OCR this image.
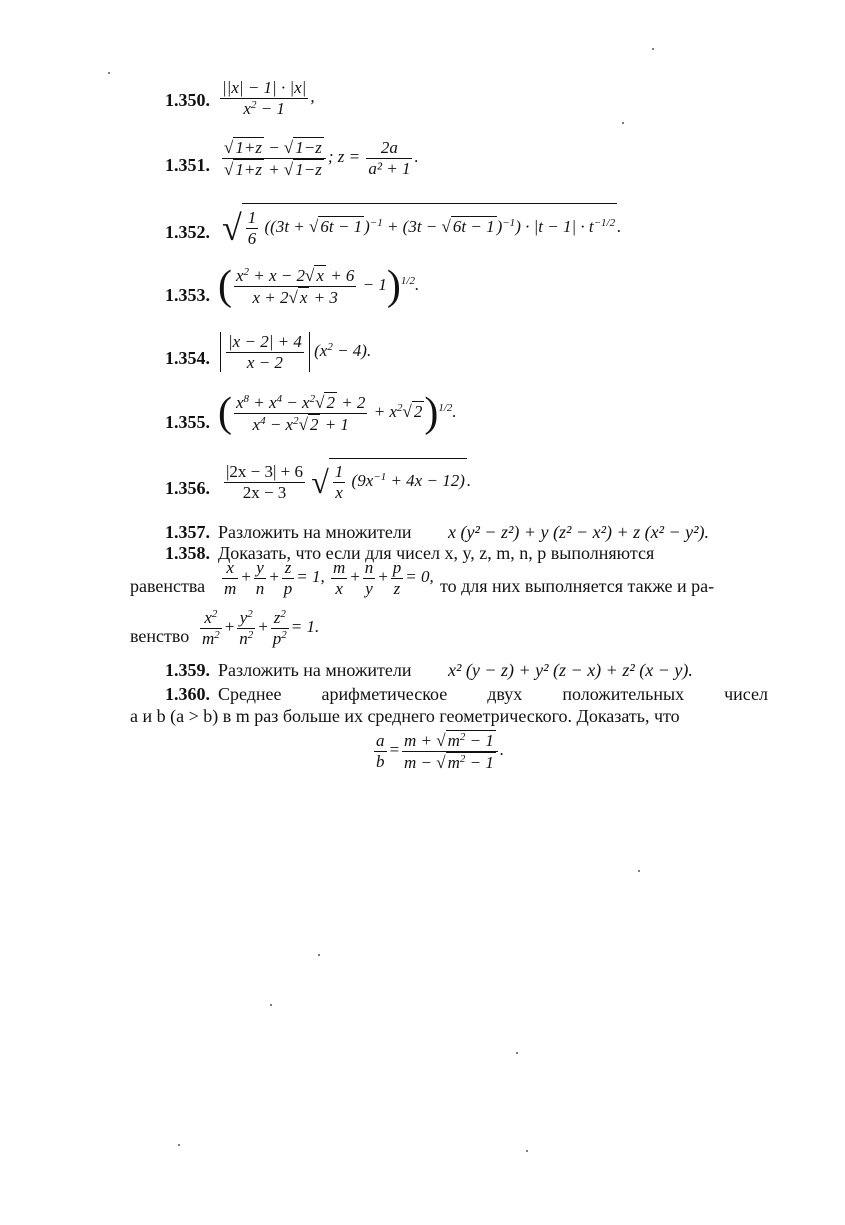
1.350. $\frac{||x| - 1| \cdot |x|}{x^2 - 1}$ ,
1.351.
√ 1+z − √ 1−z
√ 1+z + √ 1−z ; $z = \frac{2a}{\text{a² + 1}}$ .
1.352.
√ $\frac{1}{6} ((3t$ + √ 6t − 1 )$^{-1}$ + (3t − √ 6t − 1 )$^{-1}) \cdot |t - 1| \cdot t^{-1/2}$ .
1.353. ( $\frac{x^2 + x - 2√ x + 6}{x + 2√ x + 3} - 1)^{1/2}$.
1.354. $\frac{|x - 2| + 4}{x - 2} (x^2 - 4)$.
1.355. ( $\frac{x^8 + x^4 - x^2√ 2 + 2}{x^4 - x^2√ 2 + 1} + x^2√$ 2)$^{1/2}$.
1.356. $\frac{|2x - 3| + 6}{2x - 3}$
√ $\frac{1}{x} (9x^{-1} + 4x - 12)$ .
1.357. Разложить на множители x (y² − z²) + y (z² − x²) + z (x² − y²).
1.358. Доказать, что если для чисел x, y, z, m, n, p выполняются
равенства $\frac{x}{m} + \frac{y}{n} + \frac{z}{p} = 1$, $\frac{m}{x} + \frac{n}{y} + \frac{p}{z} = 0$, то для них выполняется также и ра-
венство $\frac{x^2}{m^2} + \frac{y^2}{n^2} + \frac{z^2}{p^2} = 1$.
1.359. Разложить на множители x² (y − z) + y² (z − x) + z² (x − y).
1.360. Среднее арифметическое двух положительных чисел
a и b (a > b) в m раз больше их среднего геометрического. Доказать, что
$\frac{a}{b} = \frac{m + √ m^2 - 1}{m - √ m^2 - 1}$ .
